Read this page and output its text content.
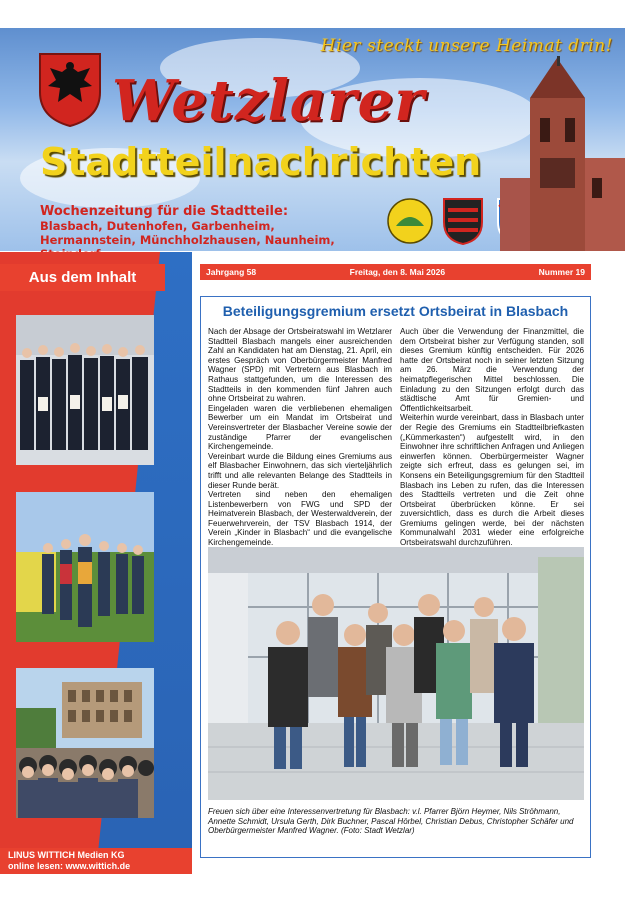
Hier steckt unsere Heimat drin!
Wetzlarer
Stadtteilnachrichten
Wochenzeitung für die Stadtteile:
Blasbach, Dutenhofen, Garbenheim, Hermannstein, Münchholzhausen, Naunheim,
Aus dem Inhalt
LINUS WITTICH Medien KG
online lesen: www.wittich.de
Jahrgang 58	Freitag, den 8. Mai 2026	Nummer 19
Beteiligungsgremium ersetzt Ortsbeirat in Blasbach

Nach der Absage der Ortsbeiratswahl im Wetzlarer Stadtteil Blasbach mangels einer ausreichenden Zahl an Kandidaten hat am Dienstag, 21. April, ein erstes Gespräch von Oberbürgermeister Manfred Wagner (SPD) mit Vertretern aus Blasbach im Rathaus stattgefunden, um die Interessen des Stadtteils in den kommenden fünf Jahren auch ohne Ortsbeirat zu wahren.

Eingeladen waren die verbliebenen ehemaligen Bewerber um ein Mandat im Ortsbeirat und Vereinsvertreter der Blasbacher Vereine sowie der zuständige Pfarrer der evangelischen Kirchengemeinde.

Vereinbart wurde die Bildung eines Gremiums aus elf Blasbacher Einwohnern, das sich vierteljährlich trifft und alle relevanten Belange des Stadtteils in dieser Runde berät.

Vertreten sind neben den ehemaligen Listenbewerbern von FWG und SPD der Heimatverein Blasbach, der Westerwaldverein, der Feuerwehrverein, der TSV Blasbach 1914, der Verein „Kinder in Blasbach“ und die evangelische Kirchengemeinde.

Auch über die Verwendung der Finanzmittel, die dem Ortsbeirat bisher zur Verfügung standen, soll dieses Gremium künftig entscheiden. Für 2026 hatte der Ortsbeirat noch in seiner letzten Sitzung am 26. März die Verwendung der heimatpflegerischen Mittel beschlossen. Die Einladung zu den Sitzungen erfolgt durch das städtische Amt für Gremien- und Öffentlichkeitsarbeit.

Weiterhin wurde vereinbart, dass in Blasbach unter der Regie des Gremiums ein Stadtteilbriefkasten („Kümmerkasten“) aufgestellt wird, in den Einwohner ihre schriftlichen Anfragen und Anliegen einwerfen können. Oberbürgermeister Wagner zeigte sich erfreut, dass es gelungen sei, im Konsens ein Beteiligungsgremium für den Stadtteil Blasbach ins Leben zu rufen, das die Interessen des Stadtteils vertreten und die Zeit ohne Ortsbeirat überbrücken könne. Er sei zuversichtlich, dass es durch die Arbeit dieses Gremiums gelingen werde, bei der nächsten Kommunalwahl 2031 wieder eine erfolgreiche Ortsbeiratswahl durchzuführen.

Freuen sich über eine Interessenvertretung für Blasbach: v.l. Pfarrer Björn Heymer, Nils Ströhmann, Annette Schmidt, Ursula Gerth, Dirk Buchner, Pascal Hörbel, Christian Debus, Christopher Schäfer und Oberbürgermeister Manfred Wagner. (Foto: Stadt Wetzlar)
